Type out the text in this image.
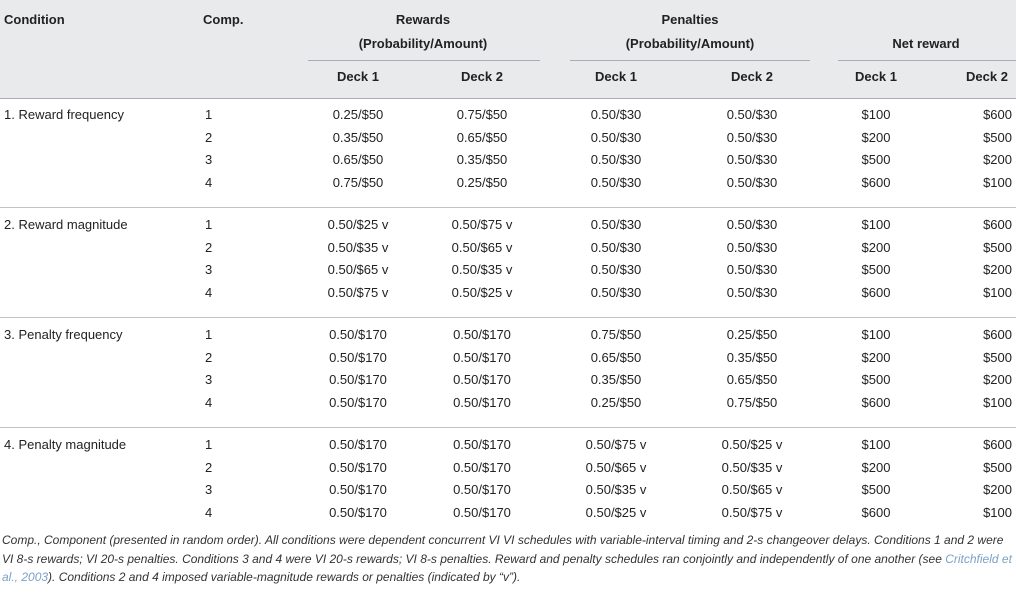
Condition	Comp.	Rewards
(Probability/Amount)
Penalties
(Probability/Amount)	Net reward
Deck 1	Deck 2	Deck 1	Deck 2	Deck 1	Deck 2
1. Reward frequency	1	0.25/$50	0.75/$50	0.50/$30	0.50/$30	$100	$600
2	0.35/$50	0.65/$50	0.50/$30	0.50/$30	$200	$500
3	0.65/$50	0.35/$50	0.50/$30	0.50/$30	$500	$200
4	0.75/$50	0.25/$50	0.50/$30	0.50/$30	$600	$100
2. Reward magnitude	1	0.50/$25 v	0.50/$75 v	0.50/$30	0.50/$30	$100	$600
2	0.50/$35 v	0.50/$65 v	0.50/$30	0.50/$30	$200	$500
3	0.50/$65 v	0.50/$35 v	0.50/$30	0.50/$30	$500	$200
4	0.50/$75 v	0.50/$25 v	0.50/$30	0.50/$30	$600	$100
3. Penalty frequency	1	0.50/$170	0.50/$170	0.75/$50	0.25/$50	$100	$600
2	0.50/$170	0.50/$170	0.65/$50	0.35/$50	$200	$500
3	0.50/$170	0.50/$170	0.35/$50	0.65/$50	$500	$200
4	0.50/$170	0.50/$170	0.25/$50	0.75/$50	$600	$100
4. Penalty magnitude	1	0.50/$170	0.50/$170	0.50/$75 v	0.50/$25 v	$100	$600
2	0.50/$170	0.50/$170	0.50/$65 v	0.50/$35 v	$200	$500
3	0.50/$170	0.50/$170	0.50/$35 v	0.50/$65 v	$500	$200
4	0.50/$170	0.50/$170	0.50/$25 v	0.50/$75 v	$600	$100
Comp., Component (presented in random order). All conditions were dependent concurrent VI VI schedules with variable-interval timing and 2-s changeover delays. Conditions 1 and 2 were VI 8-s rewards; VI 20-s penalties. Conditions 3 and 4 were VI 20-s rewards; VI 8-s penalties. Reward and penalty schedules ran conjointly and independently of one another (see Critchfield et al., 2003). Conditions 2 and 4 imposed variable-magnitude rewards or penalties (indicated by “v”).
